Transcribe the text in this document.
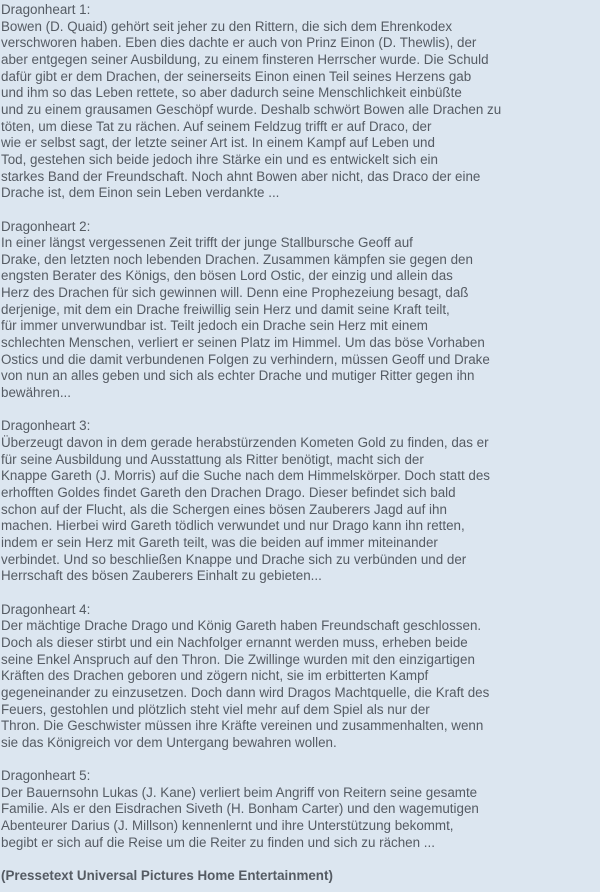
Dragonheart 1:
Bowen (D. Quaid) gehört seit jeher zu den Rittern, die sich dem Ehrenkodex
verschworen haben. Eben dies dachte er auch von Prinz Einon (D. Thewlis), der
aber entgegen seiner Ausbildung, zu einem finsteren Herrscher wurde. Die Schuld
dafür gibt er dem Drachen, der seinerseits Einon einen Teil seines Herzens gab
und ihm so das Leben rettete, so aber dadurch seine Menschlichkeit einbüßte
und zu einem grausamen Geschöpf wurde. Deshalb schwört Bowen alle Drachen zu
töten, um diese Tat zu rächen. Auf seinem Feldzug trifft er auf Draco, der
wie er selbst sagt, der letzte seiner Art ist. In einem Kampf auf Leben und
Tod, gestehen sich beide jedoch ihre Stärke ein und es entwickelt sich ein
starkes Band der Freundschaft. Noch ahnt Bowen aber nicht, das Draco der eine
Drache ist, dem Einon sein Leben verdankte ...
Dragonheart 2:
In einer längst vergessenen Zeit trifft der junge Stallbursche Geoff auf
Drake, den letzten noch lebenden Drachen. Zusammen kämpfen sie gegen den
engsten Berater des Königs, den bösen Lord Ostic, der einzig und allein das
Herz des Drachen für sich gewinnen will. Denn eine Prophezeiung besagt, daß
derjenige, mit dem ein Drache freiwillig sein Herz und damit seine Kraft teilt,
für immer unverwundbar ist. Teilt jedoch ein Drache sein Herz mit einem
schlechten Menschen, verliert er seinen Platz im Himmel. Um das böse Vorhaben
Ostics und die damit verbundenen Folgen zu verhindern, müssen Geoff und Drake
von nun an alles geben und sich als echter Drache und mutiger Ritter gegen ihn
bewähren...
Dragonheart 3:
Überzeugt davon in dem gerade herabstürzenden Kometen Gold zu finden, das er
für seine Ausbildung und Ausstattung als Ritter benötigt, macht sich der
Knappe Gareth (J. Morris) auf die Suche nach dem Himmelskörper. Doch statt des
erhofften Goldes findet Gareth den Drachen Drago. Dieser befindet sich bald
schon auf der Flucht, als die Schergen eines bösen Zauberers Jagd auf ihn
machen. Hierbei wird Gareth tödlich verwundet und nur Drago kann ihn retten,
indem er sein Herz mit Gareth teilt, was die beiden auf immer miteinander
verbindet. Und so beschließen Knappe und Drache sich zu verbünden und der
Herrschaft des bösen Zauberers Einhalt zu gebieten...
Dragonheart 4:
Der mächtige Drache Drago und König Gareth haben Freundschaft geschlossen.
Doch als dieser stirbt und ein Nachfolger ernannt werden muss, erheben beide
seine Enkel Anspruch auf den Thron. Die Zwillinge wurden mit den einzigartigen
Kräften des Drachen geboren und zögern nicht, sie im erbitterten Kampf
gegeneinander zu einzusetzen. Doch dann wird Dragos Machtquelle, die Kraft des
Feuers, gestohlen und plötzlich steht viel mehr auf dem Spiel als nur der
Thron. Die Geschwister müssen ihre Kräfte vereinen und zusammenhalten, wenn
sie das Königreich vor dem Untergang bewahren wollen.
Dragonheart 5:
Der Bauernsohn Lukas (J. Kane) verliert beim Angriff von Reitern seine gesamte
Familie. Als er den Eisdrachen Siveth (H. Bonham Carter) und den wagemutigen
Abenteurer Darius (J. Millson) kennenlernt und ihre Unterstützung bekommt,
begibt er sich auf die Reise um die Reiter zu finden und sich zu rächen ...
(Pressetext Universal Pictures Home Entertainment)
